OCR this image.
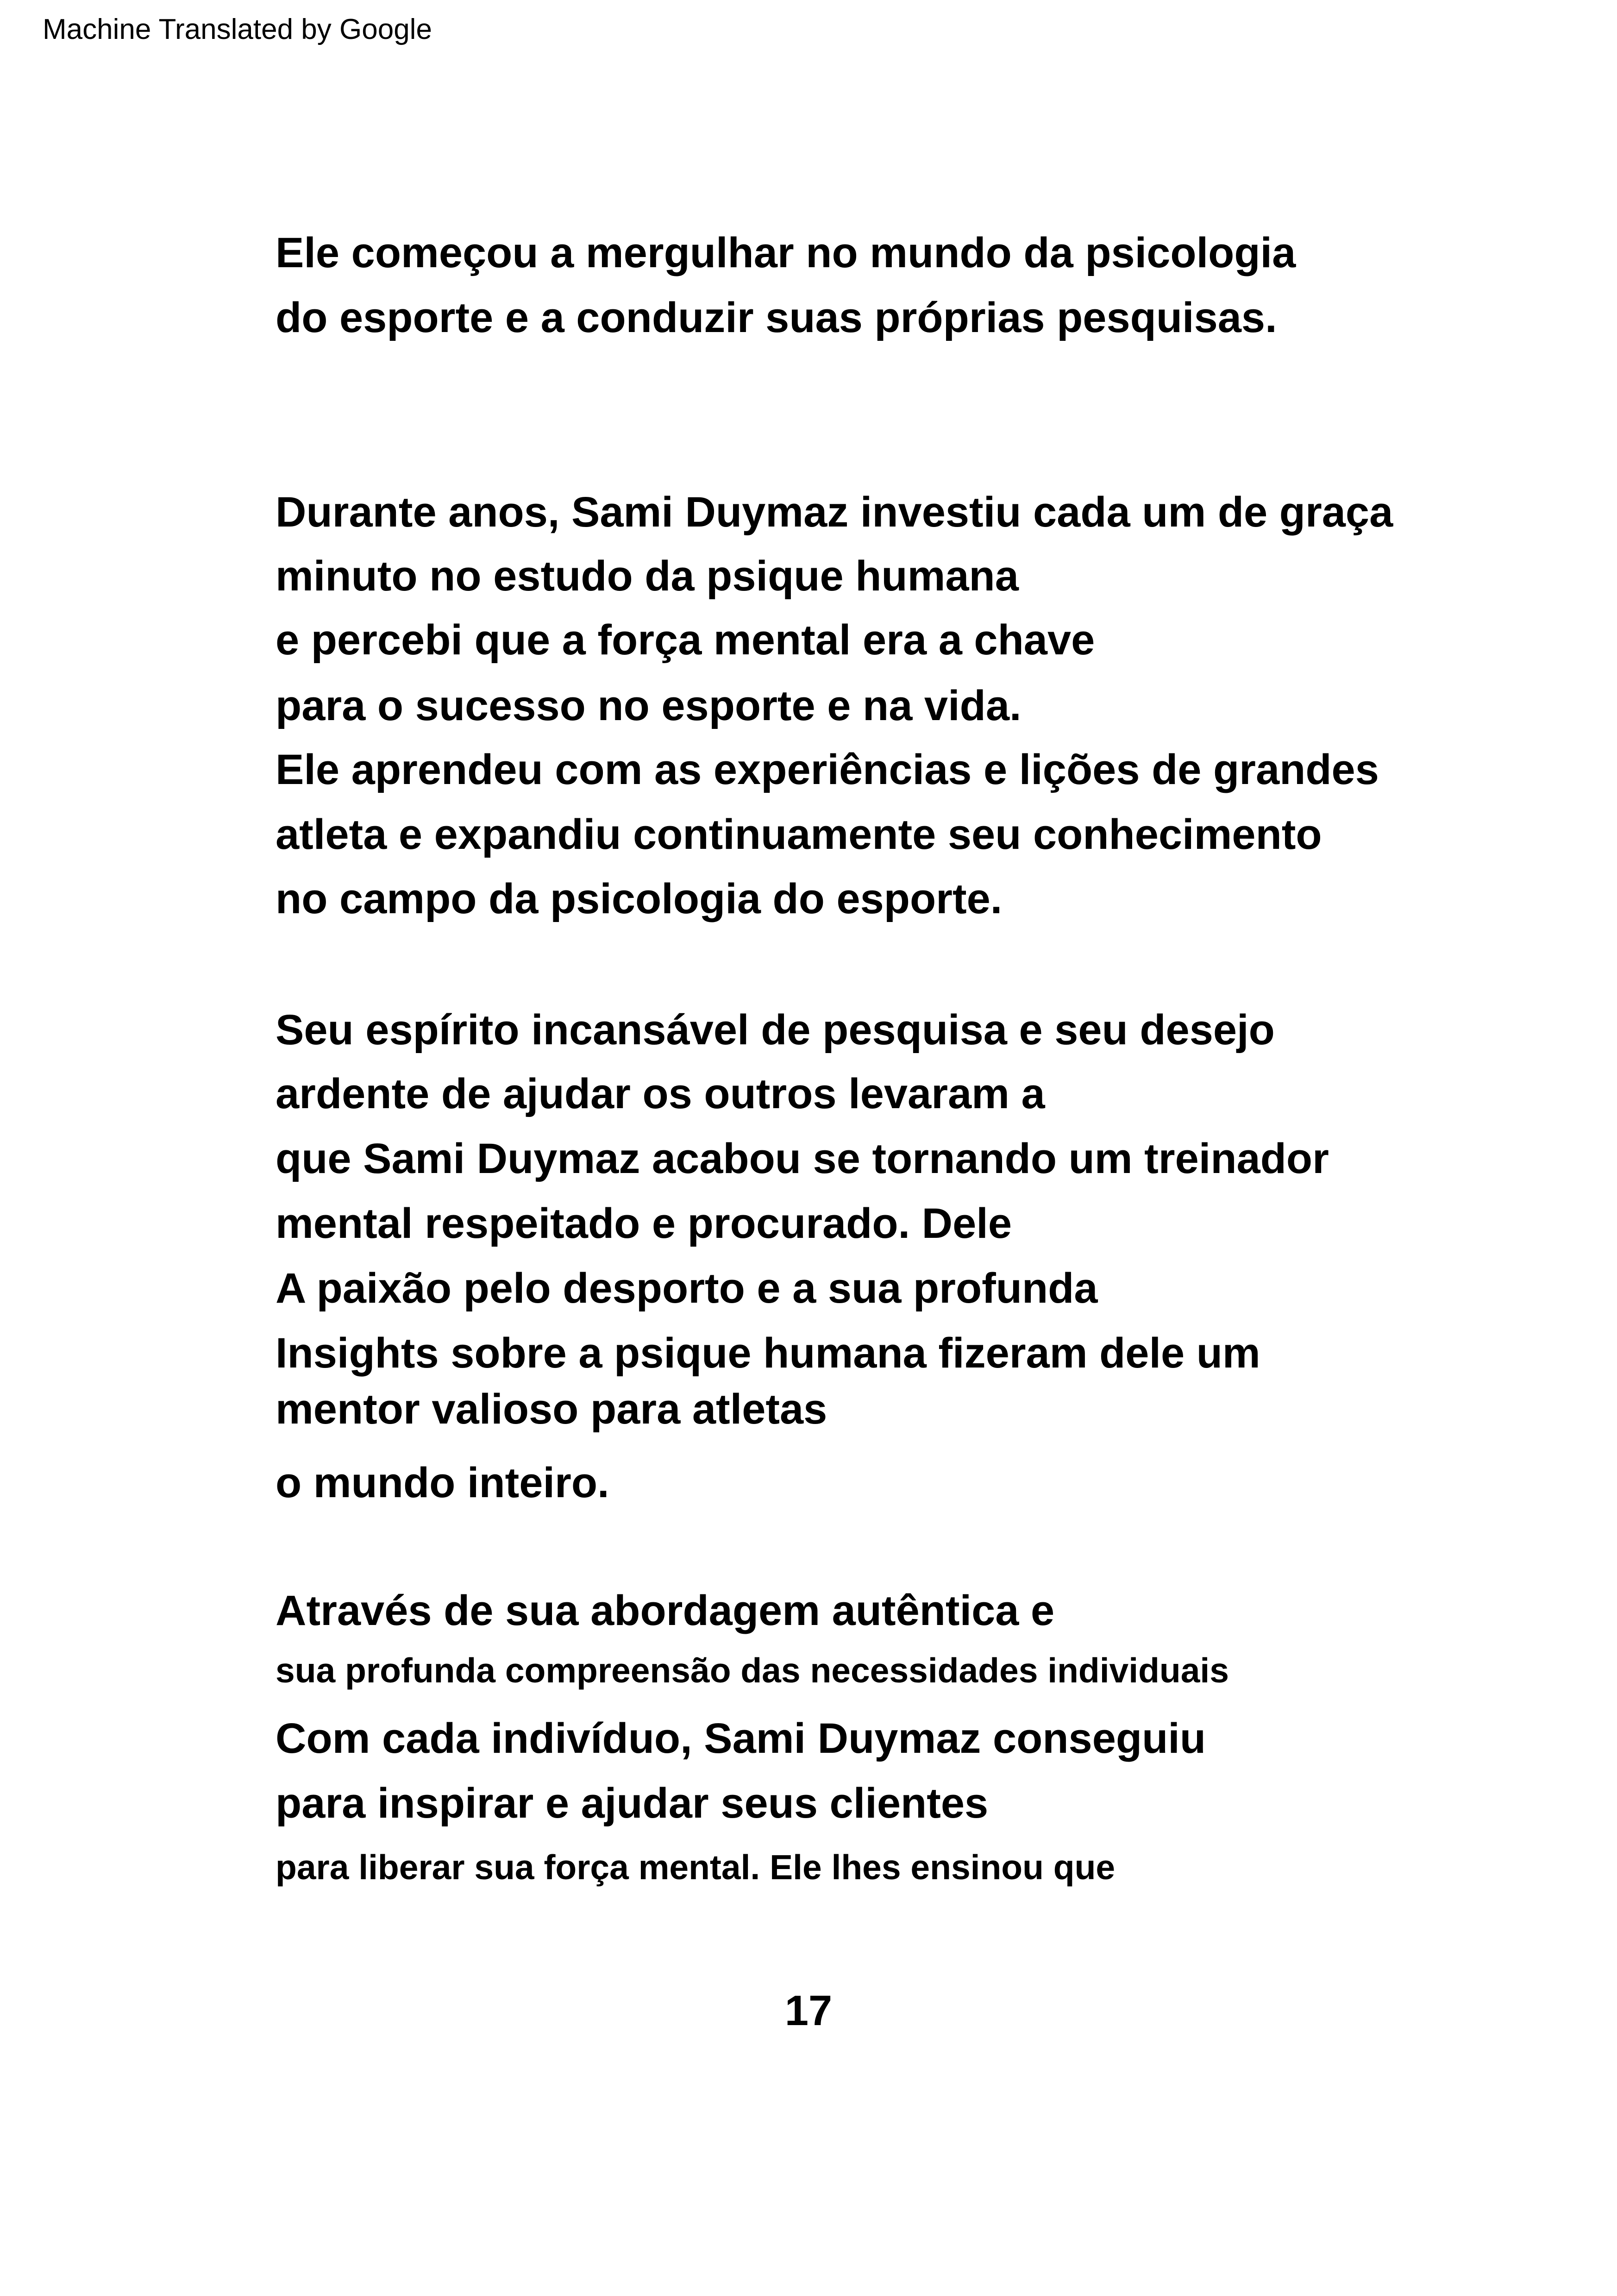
Machine Translated by Google
Ele começou a mergulhar no mundo da psicologia
do esporte e a conduzir suas próprias pesquisas.
Durante anos, Sami Duymaz investiu cada um de graça
minuto no estudo da psique humana
e percebi que a força mental era a chave
para o sucesso no esporte e na vida.
Ele aprendeu com as experiências e lições de grandes
atleta e expandiu continuamente seu conhecimento
no campo da psicologia do esporte.
Seu espírito incansável de pesquisa e seu desejo
ardente de ajudar os outros levaram a
que Sami Duymaz acabou se tornando um treinador
mental respeitado e procurado. Dele
A paixão pelo desporto e a sua profunda
Insights sobre a psique humana fizeram dele um
mentor valioso para atletas
o mundo inteiro.
Através de sua abordagem autêntica e
sua profunda compreensão das necessidades individuais
Com cada indivíduo, Sami Duymaz conseguiu
para inspirar e ajudar seus clientes
para liberar sua força mental. Ele lhes ensinou que
17
